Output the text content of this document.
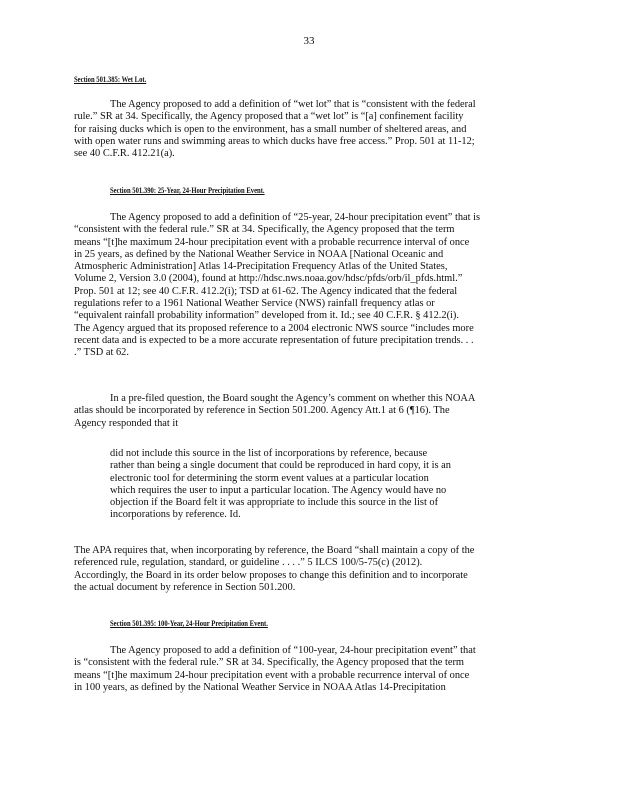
33
Section 501.385: Wet Lot.
The Agency proposed to add a definition of “wet lot” that is “consistent with the federal
rule.” SR at 34. Specifically, the Agency proposed that a “wet lot” is “[a] confinement facility
for raising ducks which is open to the environment, has a small number of sheltered areas, and
with open water runs and swimming areas to which ducks have free access.” Prop. 501 at 11-12;
see 40 C.F.R. 412.21(a).
Section 501.390: 25-Year, 24-Hour Precipitation Event.
The Agency proposed to add a definition of “25-year, 24-hour precipitation event” that is
“consistent with the federal rule.” SR at 34. Specifically, the Agency proposed that the term
means “[t]he maximum 24-hour precipitation event with a probable recurrence interval of once
in 25 years, as defined by the National Weather Service in NOAA [National Oceanic and
Atmospheric Administration] Atlas 14-Precipitation Frequency Atlas of the United States,
Volume 2, Version 3.0 (2004), found at http://hdsc.nws.noaa.gov/hdsc/pfds/orb/il_pfds.html.”
Prop. 501 at 12; see 40 C.F.R. 412.2(i); TSD at 61-62. The Agency indicated that the federal
regulations refer to a 1961 National Weather Service (NWS) rainfall frequency atlas or
“equivalent rainfall probability information” developed from it. Id.; see 40 C.F.R. § 412.2(i).
The Agency argued that its proposed reference to a 2004 electronic NWS source “includes more
recent data and is expected to be a more accurate representation of future precipitation trends. . .
.” TSD at 62.
In a pre-filed question, the Board sought the Agency’s comment on whether this NOAA
atlas should be incorporated by reference in Section 501.200. Agency Att.1 at 6 (¶16). The
Agency responded that it
did not include this source in the list of incorporations by reference, because
rather than being a single document that could be reproduced in hard copy, it is an
electronic tool for determining the storm event values at a particular location
which requires the user to input a particular location. The Agency would have no
objection if the Board felt it was appropriate to include this source in the list of
incorporations by reference. Id.
The APA requires that, when incorporating by reference, the Board “shall maintain a copy of the
referenced rule, regulation, standard, or guideline . . . .” 5 ILCS 100/5-75(c) (2012).
Accordingly, the Board in its order below proposes to change this definition and to incorporate
the actual document by reference in Section 501.200.
Section 501.395: 100-Year, 24-Hour Precipitation Event.
The Agency proposed to add a definition of “100-year, 24-hour precipitation event” that
is “consistent with the federal rule.” SR at 34. Specifically, the Agency proposed that the term
means “[t]he maximum 24-hour precipitation event with a probable recurrence interval of once
in 100 years, as defined by the National Weather Service in NOAA Atlas 14-Precipitation
